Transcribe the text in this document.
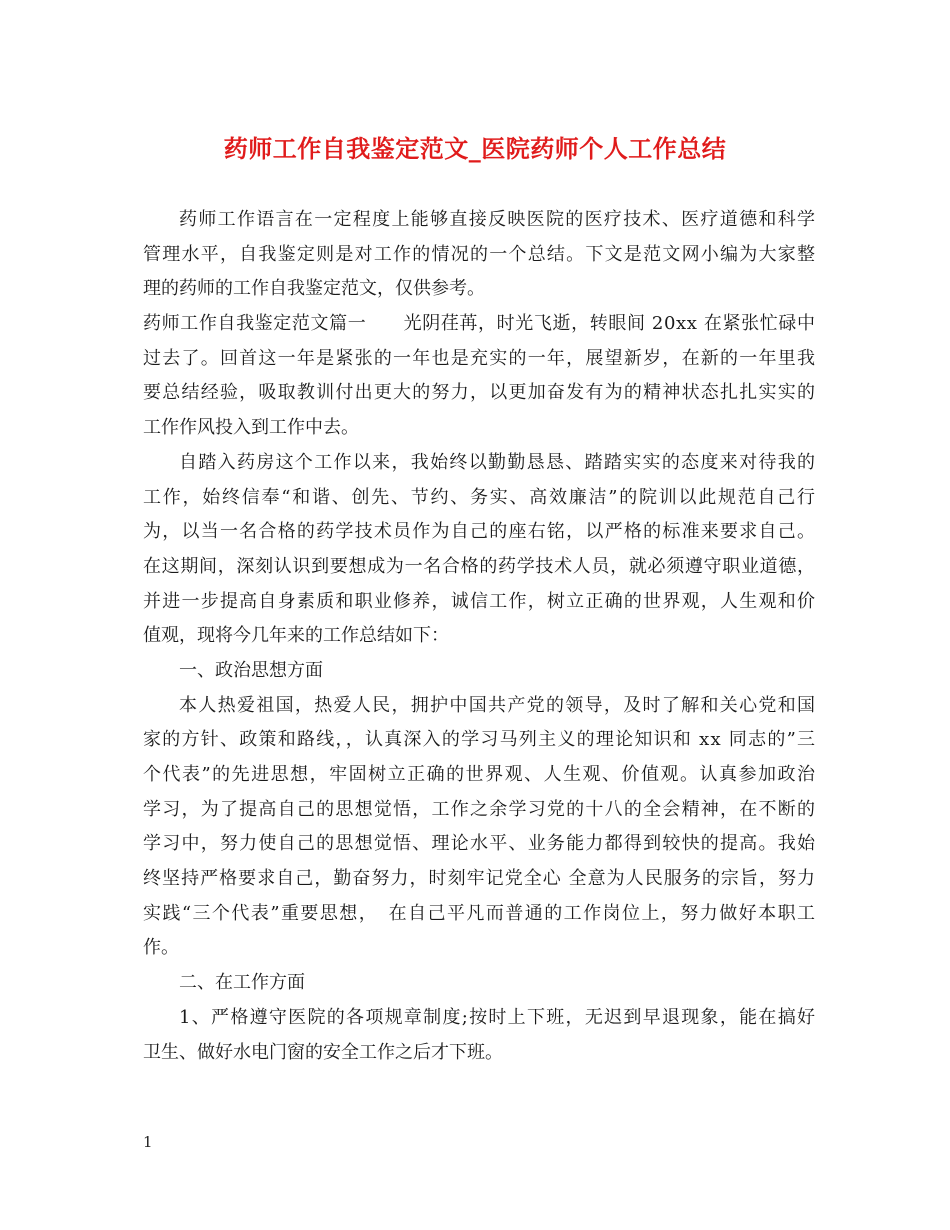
药师工作自我鉴定范文_医院药师个人工作总结
药师工作语言在一定程度上能够直接反映医院的医疗技术、医疗道德和科学
管理水平，自我鉴定则是对工作的情况的一个总结。下文是范文网小编为大家整
理的药师的工作自我鉴定范文，仅供参考。
药师工作自我鉴定范文篇一　　光阴荏苒，时光飞逝，转眼间 20xx 在紧张忙碌中
过去了。回首这一年是紧张的一年也是充实的一年，展望新岁，在新的一年里我
要总结经验，吸取教训付出更大的努力，以更加奋发有为的精神状态扎扎实实的
工作作风投入到工作中去。
自踏入药房这个工作以来，我始终以勤勤恳恳、踏踏实实的态度来对待我的
工作，始终信奉“和谐、创先、节约、务实、高效廉洁”的院训以此规范自己行
为，以当一名合格的药学技术员作为自己的座右铭，以严格的标准来要求自己。
在这期间，深刻认识到要想成为一名合格的药学技术人员，就必须遵守职业道德，
并进一步提高自身素质和职业修养，诚信工作，树立正确的世界观，人生观和价
值观，现将今几年来的工作总结如下：
一、政治思想方面
本人热爱祖国，热爱人民，拥护中国共产党的领导，及时了解和关心党和国
家的方针、政策和路线，，认真深入的学习马列主义的理论知识和 xx 同志的”三
个代表”的先进思想，牢固树立正确的世界观、人生观、价值观。认真参加政治
学习，为了提高自己的思想觉悟，工作之余学习党的十八的全会精神，在不断的
学习中，努力使自己的思想觉悟、理论水平、业务能力都得到较快的提高。我始
终坚持严格要求自己，勤奋努力，时刻牢记党全心 全意为人民服务的宗旨，努力
实践“三个代表”重要思想，　在自己平凡而普通的工作岗位上，努力做好本职工
作。
二、在工作方面
1、严格遵守医院的各项规章制度;按时上下班，无迟到早退现象，能在搞好
卫生、做好水电门窗的安全工作之后才下班。
1
